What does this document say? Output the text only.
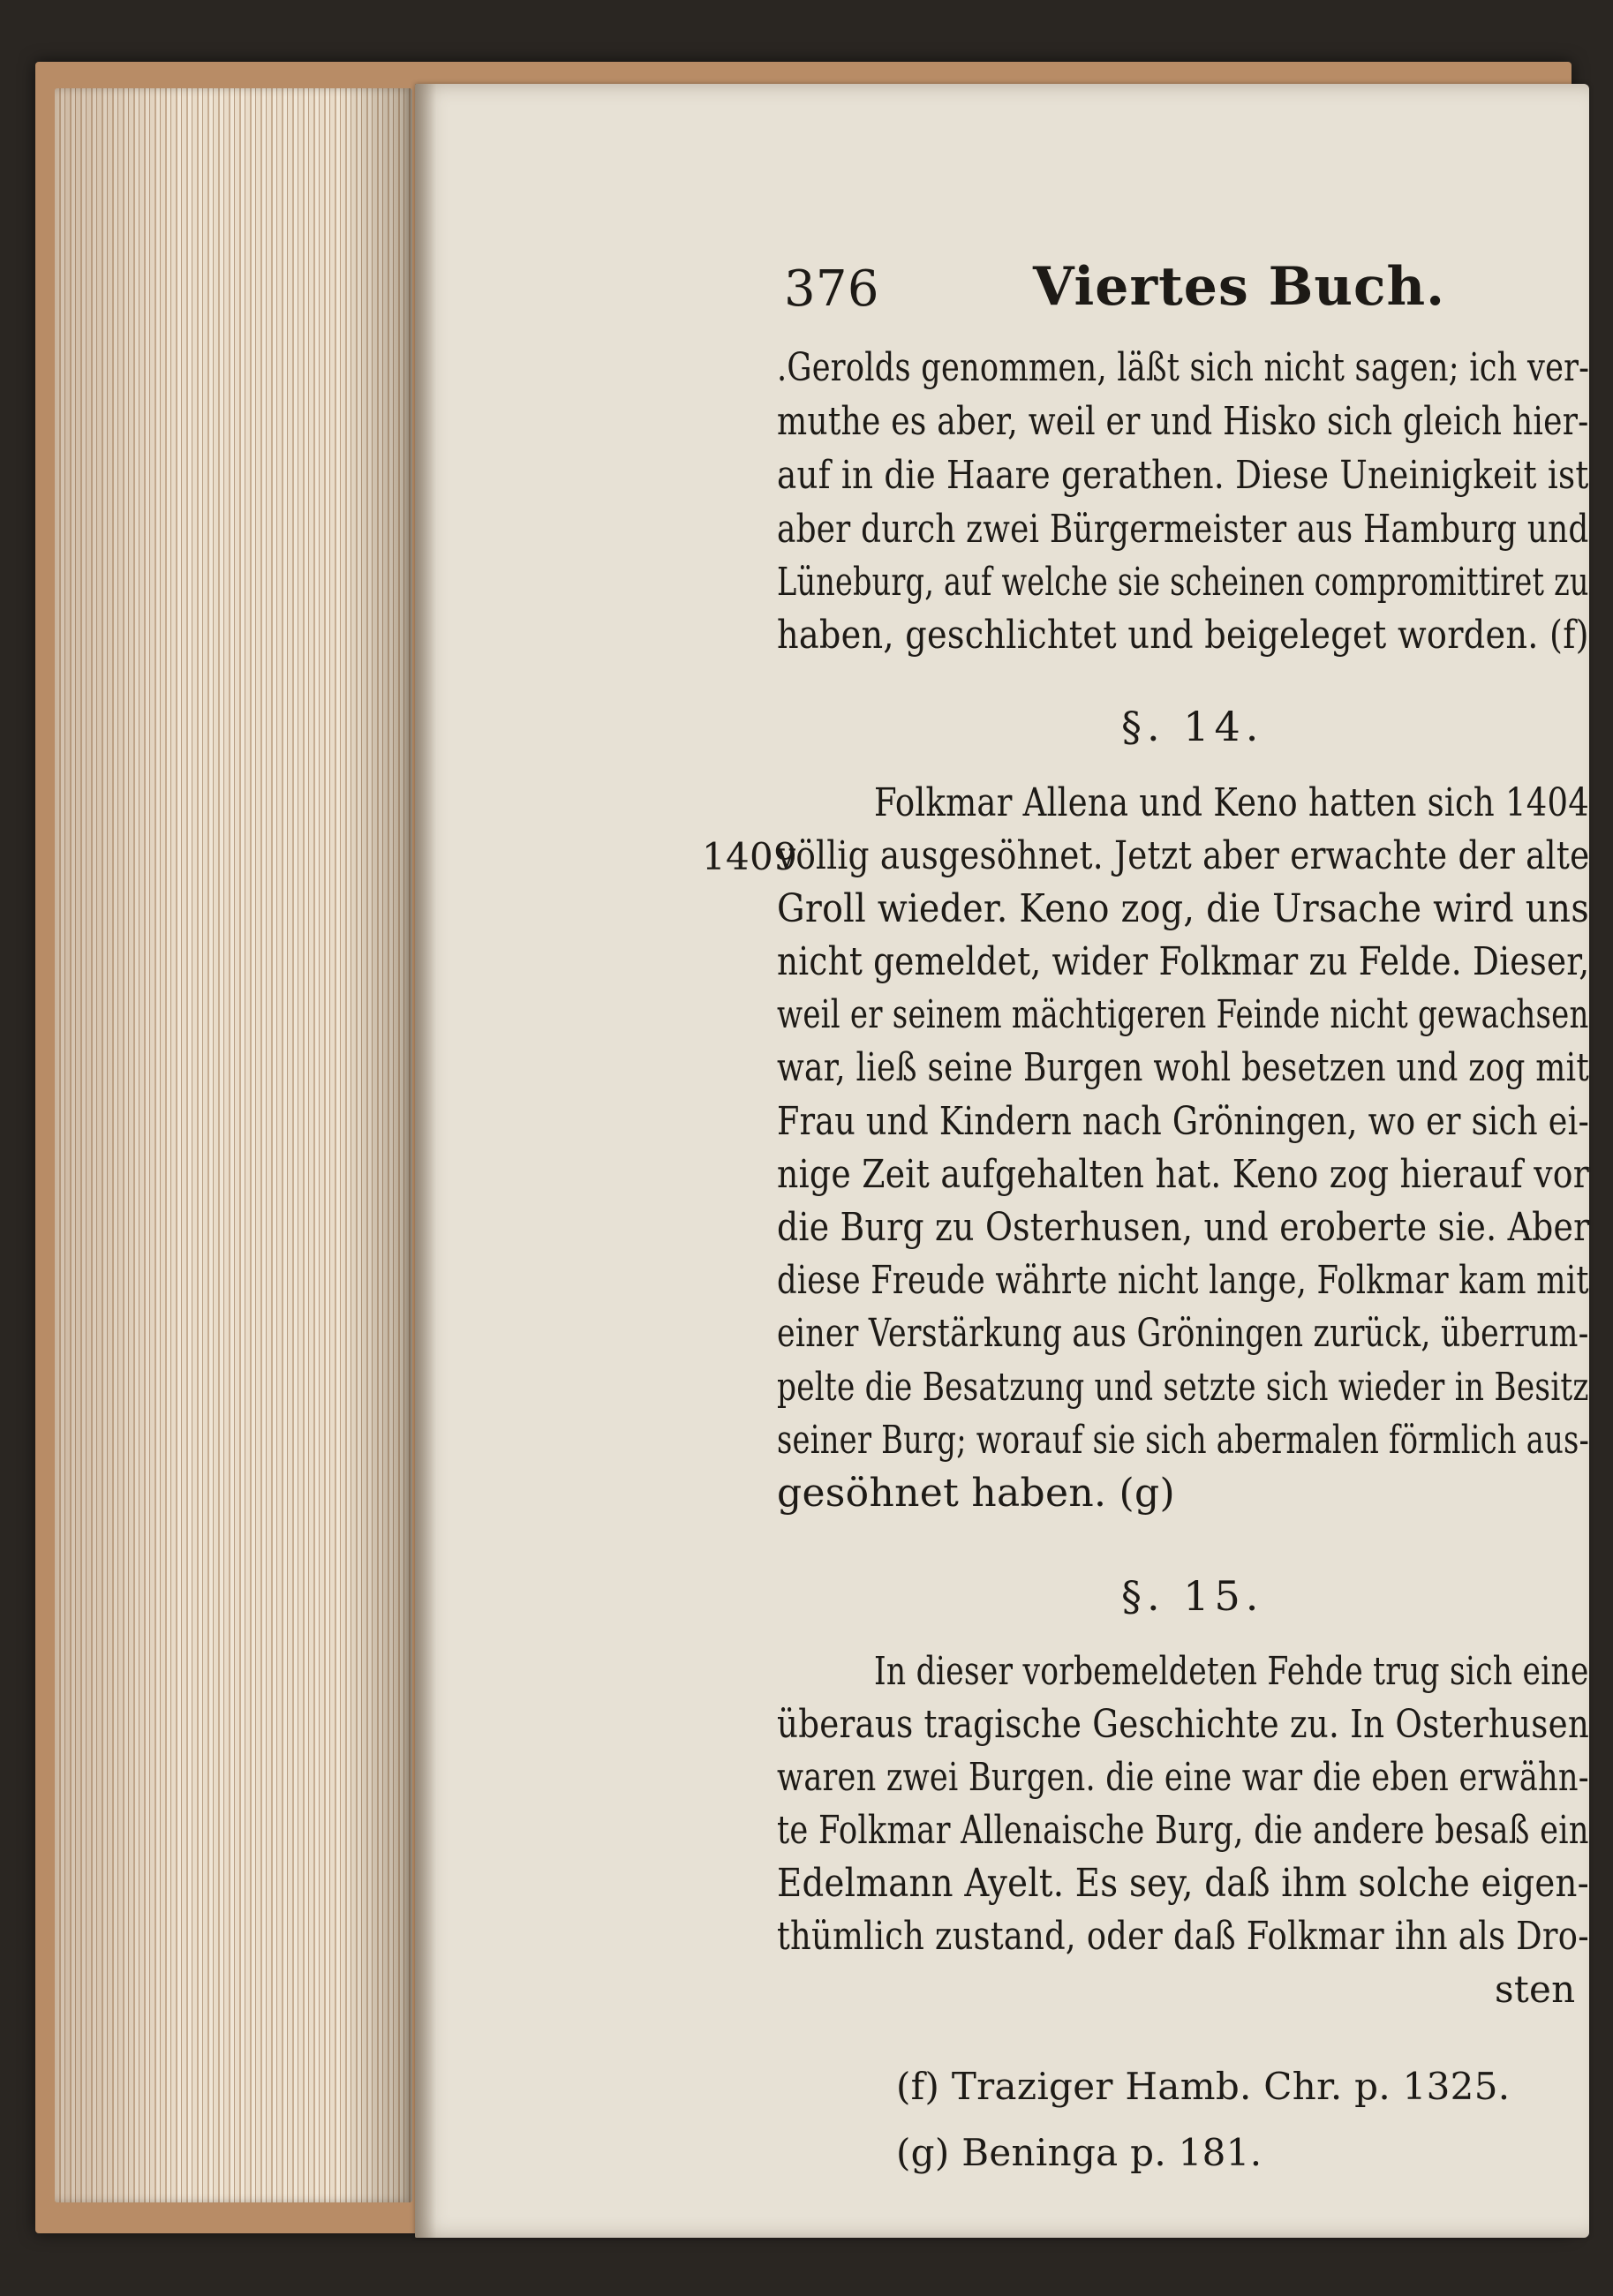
376	Viertes Buch.
.Gerolds genommen, läßt sich nicht sagen; ich ver-
muthe es aber, weil er und Hisko sich gleich hier-
auf in die Haare gerathen. Diese Uneinigkeit ist
aber durch zwei Bürgermeister aus Hamburg und
Lüneburg, auf welche sie scheinen compromittiret zu
haben, geschlichtet und beigeleget worden. (f)
§. 14.
Folkmar Allena und Keno hatten sich 1404
1409
völlig ausgesöhnet. Jetzt aber erwachte der alte
Groll wieder. Keno zog, die Ursache wird uns
nicht gemeldet, wider Folkmar zu Felde. Dieser,
weil er seinem mächtigeren Feinde nicht gewachsen
war, ließ seine Burgen wohl besetzen und zog mit
Frau und Kindern nach Gröningen, wo er sich ei-
nige Zeit aufgehalten hat. Keno zog hierauf vor
die Burg zu Osterhusen, und eroberte sie. Aber
diese Freude währte nicht lange, Folkmar kam mit
einer Verstärkung aus Gröningen zurück, überrum-
pelte die Besatzung und setzte sich wieder in Besitz
seiner Burg; worauf sie sich abermalen förmlich aus-
gesöhnet haben. (g)
§. 15.
In dieser vorbemeldeten Fehde trug sich eine
überaus tragische Geschichte zu. In Osterhusen
waren zwei Burgen. die eine war die eben erwähn-
te Folkmar Allenaische Burg, die andere besaß ein
Edelmann Ayelt. Es sey, daß ihm solche eigen-
thümlich zustand, oder daß Folkmar ihn als Dro-
sten
(f) Traziger Hamb. Chr. p. 1325.
(g) Beninga p. 181.
